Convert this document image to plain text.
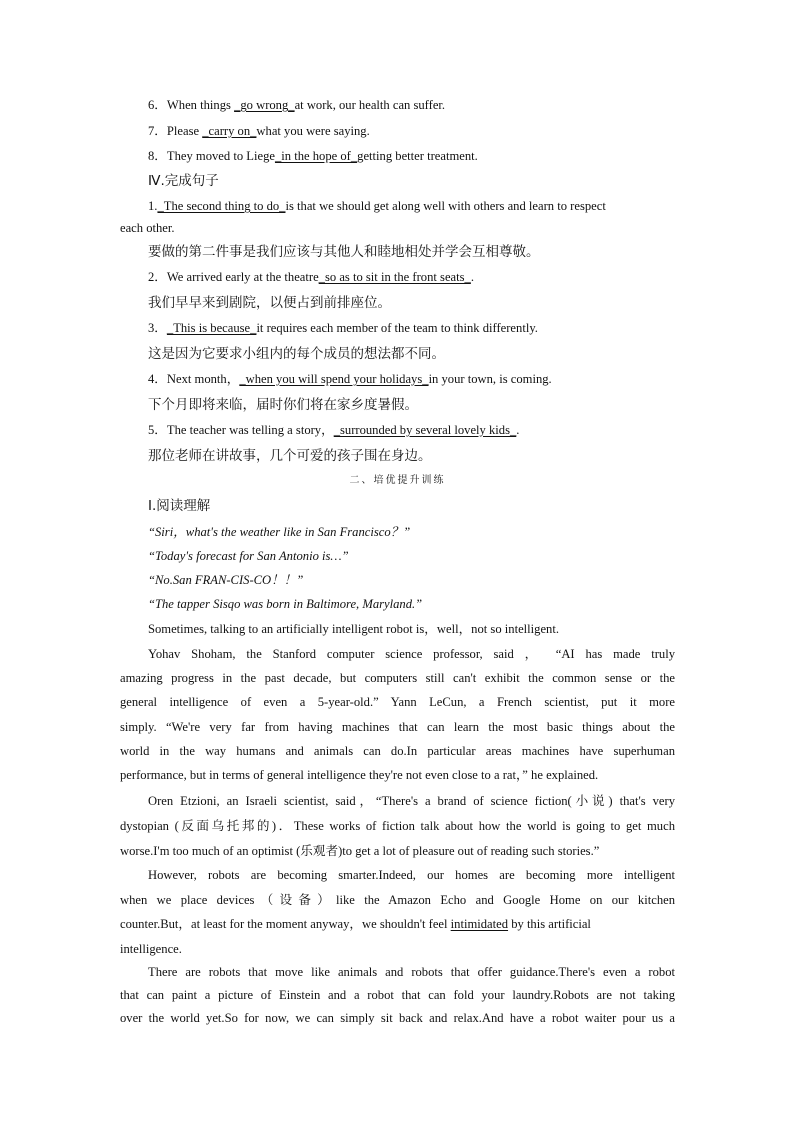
6．When things _go wrong_at work, our health can suffer.
7．Please _carry on_what you were saying.
8．They moved to Liege_in the hope of_getting better treatment.
Ⅳ.完成句子
1._The second thing to do_is that we should get along well with others and learn to respect
each other.
要做的第二件事是我们应该与其他人和睦地相处并学会互相尊敬。
2．We arrived early at the theatre_so as to sit in the front seats_.
我们早早来到剧院，以便占到前排座位。
3．_This is because_it requires each member of the team to think differently.
这是因为它要求小组内的每个成员的想法都不同。
4．Next month，_when you will spend your holidays_in your town, is coming.
下个月即将来临，届时你们将在家乡度暑假。
5．The teacher was telling a story，_surrounded by several lovely kids_.
那位老师在讲故事，几个可爱的孩子围在身边。
二、培优提升训练
Ⅰ.阅读理解
“Siri，what's the weather like in San Francisco？”
“Today's forecast for San Antonio is…”
“No.San FRAN-CIS-CO！！”
“The tapper Sisqo was born in Baltimore, Maryland.”
Sometimes, talking to an artificially intelligent robot is，well，not so intelligent.
Yohav Shoham, the Stanford computer science professor, said ， “AI has made truly
amazing progress in the past decade, but computers still can't exhibit the common sense or the
general intelligence of even a 5-year-old.” Yann LeCun, a French scientist, put it more
simply. “We're very far from having machines that can learn the most basic things about the
world in the way humans and animals can do.In particular areas machines have superhuman
performance, but in terms of general intelligence they're not even close to a rat，” he explained.
Oren Etzioni, an Israeli scientist, said，“There's a brand of science fiction(小说) that's very
dystopian (反面乌托邦的)．These works of fiction talk about how the world is going to get much
worse.I'm too much of an optimist (乐观者)to get a lot of pleasure out of reading such stories.”
However, robots are becoming smarter.Indeed, our homes are becoming more intelligent
when we place devices（设备）like the Amazon Echo and Google Home on our kitchen
counter.But，at least for the moment anyway，we shouldn't feel intimidated by this artificial
intelligence.
There are robots that move like animals and robots that offer guidance.There's even a robot
that can paint a picture of Einstein and a robot that can fold your laundry.Robots are not taking
over the world yet.So for now, we can simply sit back and relax.And have a robot waiter pour us a
